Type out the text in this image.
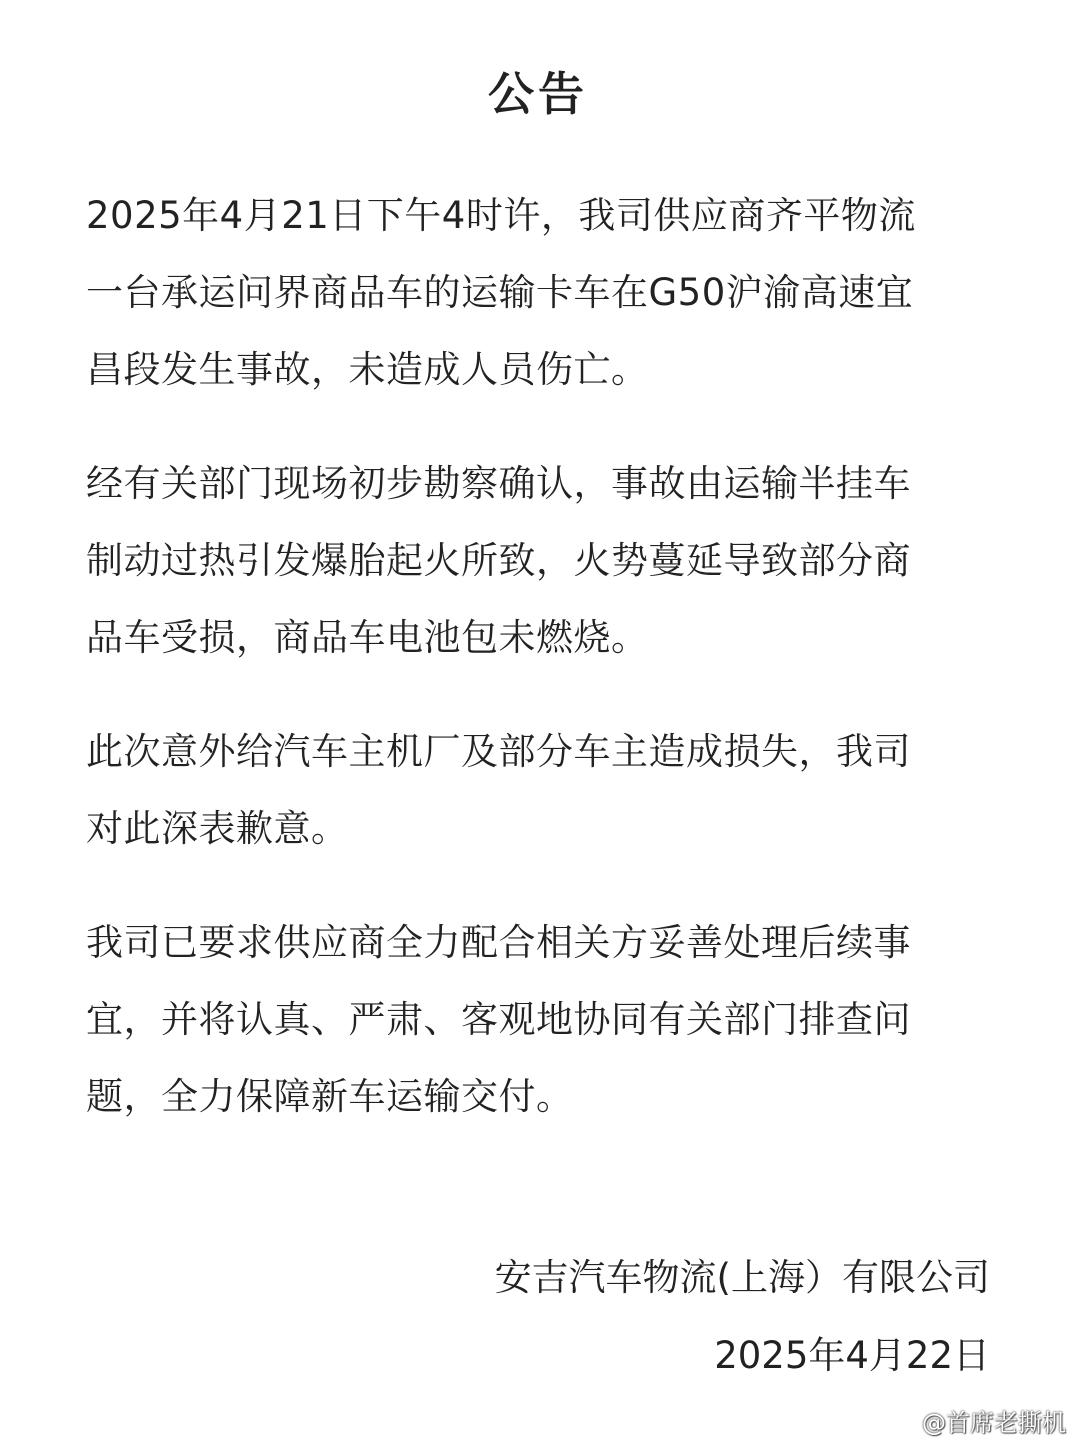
公告
2025年4月21日下午4时许，我司供应商齐平物流
一台承运问界商品车的运输卡车在G50沪渝高速宜
昌段发生事故，未造成人员伤亡。
经有关部门现场初步勘察确认，事故由运输半挂车
制动过热引发爆胎起火所致，火势蔓延导致部分商
品车受损，商品车电池包未燃烧。
此次意外给汽车主机厂及部分车主造成损失，我司
对此深表歉意。
我司已要求供应商全力配合相关方妥善处理后续事
宜，并将认真、严肃、客观地协同有关部门排查问
题，全力保障新车运输交付。
安吉汽车物流(上海）有限公司
2025年4月22日
@首席老撕机
